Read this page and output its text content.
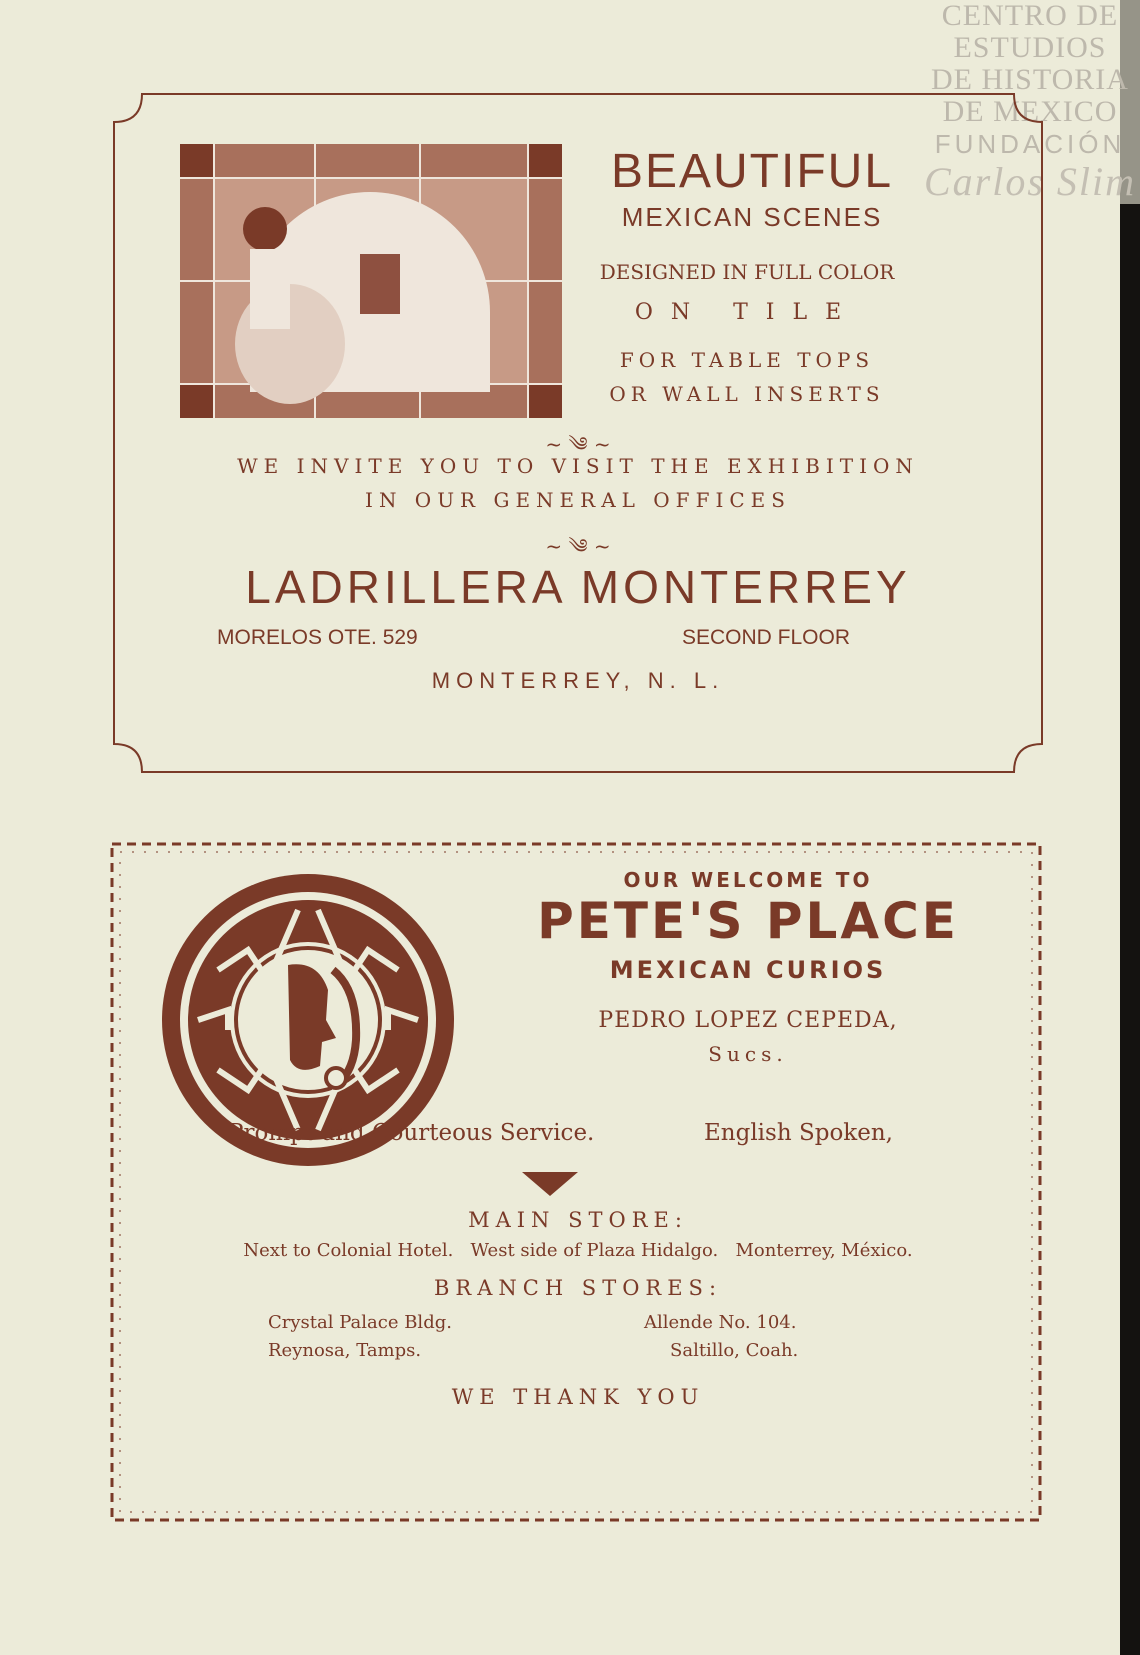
CENTRO DE
ESTUDIOS
DE HISTORIA
DE MEXICO
FUNDACIÓN
Carlos Slim
BEAUTIFUL
MEXICAN SCENES
DESIGNED IN FULL COLOR
ON TILE
FOR TABLE TOPS
OR WALL INSERTS
~ ༄ ~
WE INVITE YOU TO VISIT THE EXHIBITION
IN OUR GENERAL OFFICES
~ ༄ ~
LADRILLERA MONTERREY
MORELOS OTE. 529	SECOND FLOOR
MONTERREY, N. L.
OUR WELCOME TO
PETE'S PLACE
MEXICAN CURIOS
PEDRO LOPEZ CEPEDA,
Sucs.
Prompt and Courteous Service.	English Spoken,
MAIN STORE:
Next to Colonial Hotel.   West side of Plaza Hidalgo.   Monterrey, México.
BRANCH STORES:
Crystal Palace Bldg.	Allende No. 104.
Reynosa, Tamps.	Saltillo, Coah.
WE THANK YOU
